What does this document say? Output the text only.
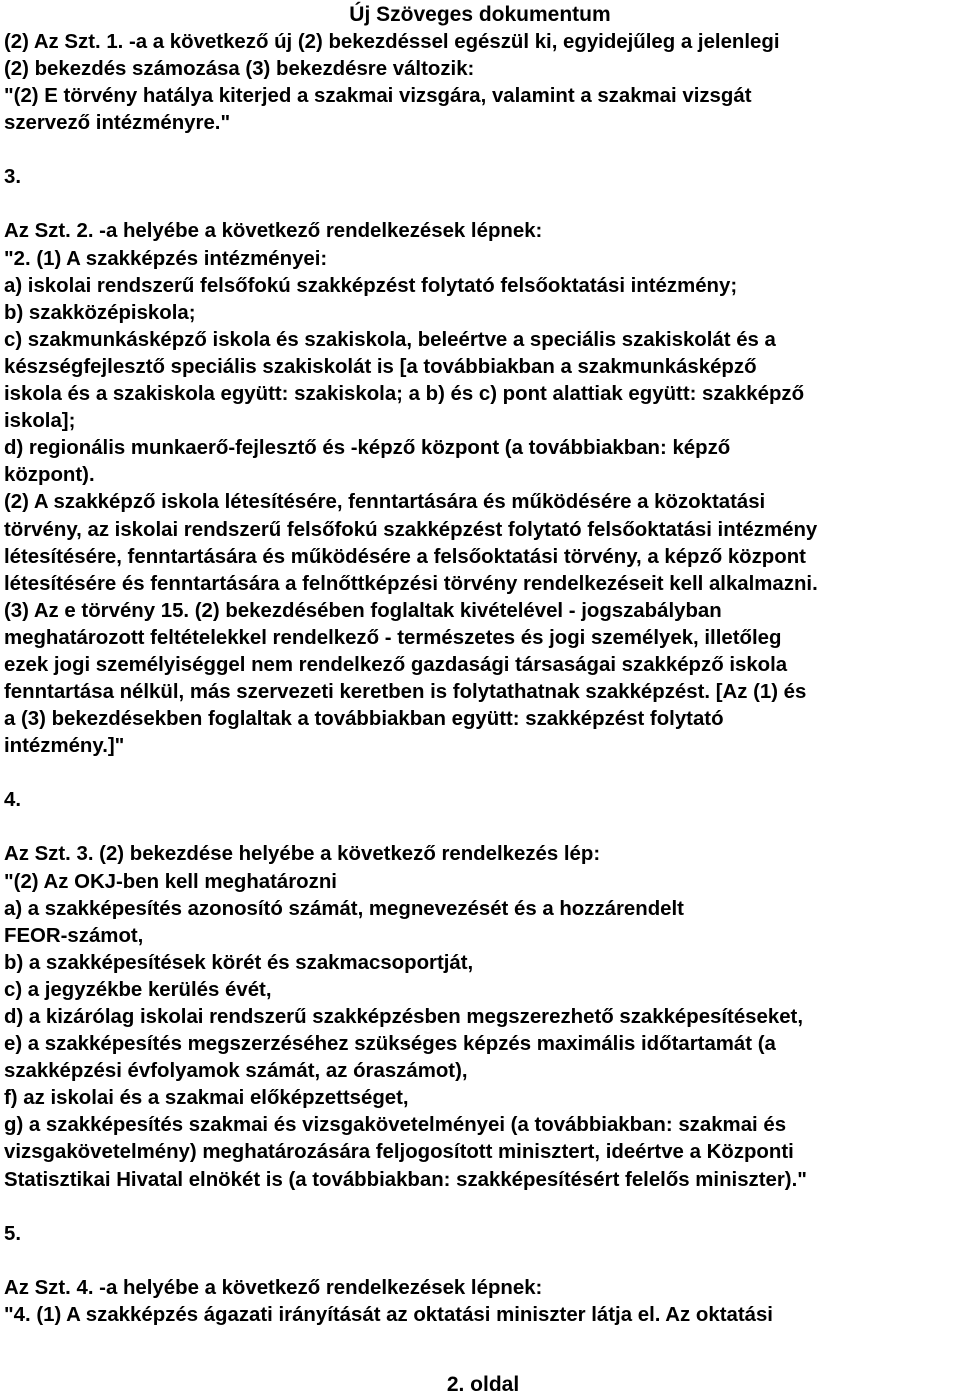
Új Szöveges dokumentum

(2) Az Szt. 1. -a a következő új (2) bekezdéssel egészül ki, egyidejűleg a jelenlegi

(2) bekezdés számozása (3) bekezdésre változik:

"(2) E törvény hatálya kiterjed a szakmai vizsgára, valamint a szakmai vizsgát

szervező intézményre."

3.

Az Szt. 2. -a helyébe a következő rendelkezések lépnek:

"2. (1) A szakképzés intézményei:

a) iskolai rendszerű felsőfokú szakképzést folytató felsőoktatási intézmény;

b) szakközépiskola;

c) szakmunkásképző iskola és szakiskola, beleértve a speciális szakiskolát és a

készségfejlesztő speciális szakiskolát is [a továbbiakban a szakmunkásképző

iskola és a szakiskola együtt: szakiskola; a b) és c) pont alattiak együtt: szakképző

iskola];

d) regionális munkaerő-fejlesztő és -képző központ (a továbbiakban: képző

központ).

(2) A szakképző iskola létesítésére, fenntartására és működésére a közoktatási

törvény, az iskolai rendszerű felsőfokú szakképzést folytató felsőoktatási intézmény

létesítésére, fenntartására és működésére a felsőoktatási törvény, a képző központ

létesítésére és fenntartására a felnőttképzési törvény rendelkezéseit kell alkalmazni.

(3) Az e törvény 15. (2) bekezdésében foglaltak kivételével - jogszabályban

meghatározott feltételekkel rendelkező - természetes és jogi személyek, illetőleg

ezek jogi személyiséggel nem rendelkező gazdasági társaságai szakképző iskola

fenntartása nélkül, más szervezeti keretben is folytathatnak szakképzést. [Az (1) és

a (3) bekezdésekben foglaltak a továbbiakban együtt: szakképzést folytató

intézmény.]"

4.

Az Szt. 3. (2) bekezdése helyébe a következő rendelkezés lép:

"(2) Az OKJ-ben kell meghatározni

a) a szakképesítés azonosító számát, megnevezését és a hozzárendelt

FEOR-számot,

b) a szakképesítések körét és szakmacsoportját,

c) a jegyzékbe kerülés évét,

d) a kizárólag iskolai rendszerű szakképzésben megszerezhető szakképesítéseket,

e) a szakképesítés megszerzéséhez szükséges képzés maximális időtartamát (a

szakképzési évfolyamok számát, az óraszámot),

f) az iskolai és a szakmai előképzettséget,

g) a szakképesítés szakmai és vizsgakövetelményei (a továbbiakban: szakmai és

vizsgakövetelmény) meghatározására feljogosított minisztert, ideértve a Központi

Statisztikai Hivatal elnökét is (a továbbiakban: szakképesítésért felelős miniszter)."

5.

Az Szt. 4. -a helyébe a következő rendelkezések lépnek:

"4. (1) A szakképzés ágazati irányítását az oktatási miniszter látja el. Az oktatási

2. oldal
